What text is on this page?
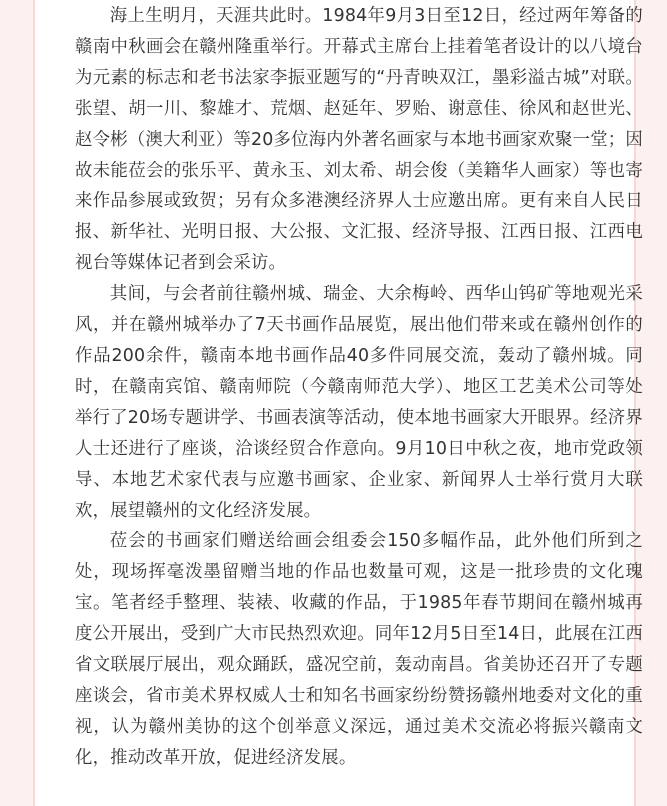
海上生明月，天涯共此时。1984年9月3日至12日，经过两年筹备的赣南中秋画会在赣州隆重举行。开幕式主席台上挂着笔者设计的以八境台为元素的标志和老书法家李振亚题写的“丹青映双江，墨彩溢古城”对联。张望、胡一川、黎雄才、荒烟、赵延年、罗贻、谢意佳、徐风和赵世光、赵令彬（澳大利亚）等20多位海内外著名画家与本地书画家欢聚一堂；因故未能莅会的张乐平、黄永玉、刘太希、胡会俊（美籍华人画家）等也寄来作品参展或致贺；另有众多港澳经济界人士应邀出席。更有来自人民日报、新华社、光明日报、大公报、文汇报、经济导报、江西日报、江西电视台等媒体记者到会采访。

其间，与会者前往赣州城、瑞金、大余梅岭、西华山钨矿等地观光采风，并在赣州城举办了7天书画作品展览，展出他们带来或在赣州创作的作品200余件，赣南本地书画作品40多件同展交流，轰动了赣州城。同时，在赣南宾馆、赣南师院（今赣南师范大学）、地区工艺美术公司等处举行了20场专题讲学、书画表演等活动，使本地书画家大开眼界。经济界人士还进行了座谈，洽谈经贸合作意向。9月10日中秋之夜，地市党政领导、本地艺术家代表与应邀书画家、企业家、新闻界人士举行赏月大联欢，展望赣州的文化经济发展。

莅会的书画家们赠送给画会组委会150多幅作品，此外他们所到之处，现场挥毫泼墨留赠当地的作品也数量可观，这是一批珍贵的文化瑰宝。笔者经手整理、装裱、收藏的作品，于1985年春节期间在赣州城再度公开展出，受到广大市民热烈欢迎。同年12月5日至14日，此展在江西省文联展厅展出，观众踊跃，盛况空前，轰动南昌。省美协还召开了专题座谈会，省市美术界权威人士和知名书画家纷纷赞扬赣州地委对文化的重视，认为赣州美协的这个创举意义深远，通过美术交流必将振兴赣南文化，推动改革开放，促进经济发展。
